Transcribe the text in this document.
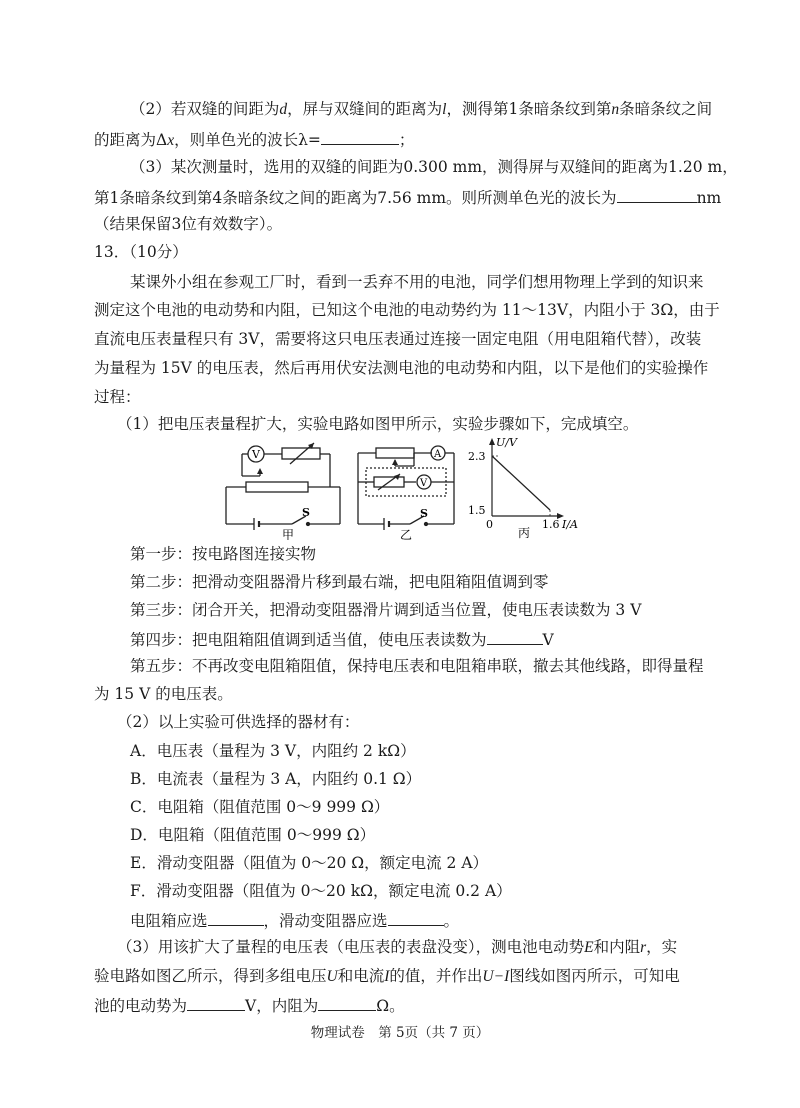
（2）若双缝的间距为d，屏与双缝间的距离为l，测得第1条暗条纹到第n条暗条纹之间
的距离为Δx，则单色光的波长λ=	；
（3）某次测量时，选用的双缝的间距为0.300 mm，测得屏与双缝间的距离为1.20 m，
第1条暗条纹到第4条暗条纹之间的距离为7.56 mm。则所测单色光的波长为	nm
（结果保留3位有效数字）。
13．（10分）
某课外小组在参观工厂时，看到一丢弃不用的电池，同学们想用物理上学到的知识来
测定这个电池的电动势和内阻，已知这个电池的电动势约为 11～13V，内阻小于 3Ω，由于
直流电压表量程只有 3V，需要将这只电压表通过连接一固定电阻（用电阻箱代替），改装
为量程为 15V 的电压表，然后再用伏安法测电池的电动势和内阻，以下是他们的实验操作
过程：
（1）把电压表量程扩大，实验电路如图甲所示，实验步骤如下，完成填空。
V
S
甲
A
V
S
乙
U/V
0
丙
2.3
1.5
1.6 I/A
第一步：按电路图连接实物
第二步：把滑动变阻器滑片移到最右端，把电阻箱阻值调到零
第三步：闭合开关，把滑动变阻器滑片调到适当位置，使电压表读数为 3 V
第四步：把电阻箱阻值调到适当值，使电压表读数为	V
第五步：不再改变电阻箱阻值，保持电压表和电阻箱串联，撤去其他线路，即得量程
为 15 V 的电压表。
（2）以上实验可供选择的器材有：
A．电压表（量程为 3 V，内阻约 2 kΩ）
B．电流表（量程为 3 A，内阻约 0.1 Ω）
C．电阻箱（阻值范围 0～9 999 Ω）
D．电阻箱（阻值范围 0～999 Ω）
E．滑动变阻器（阻值为 0～20 Ω，额定电流 2 A）
F．滑动变阻器（阻值为 0～20 kΩ，额定电流 0.2 A）
电阻箱应选	，滑动变阻器应选	。
（3）用该扩大了量程的电压表（电压表的表盘没变），测电池电动势E和内阻r，实
验电路如图乙所示，得到多组电压U和电流I的值，并作出U−I图线如图丙所示，可知电
池的电动势为	V，内阻为	Ω。
物理试卷　第 5页（共 7 页）
